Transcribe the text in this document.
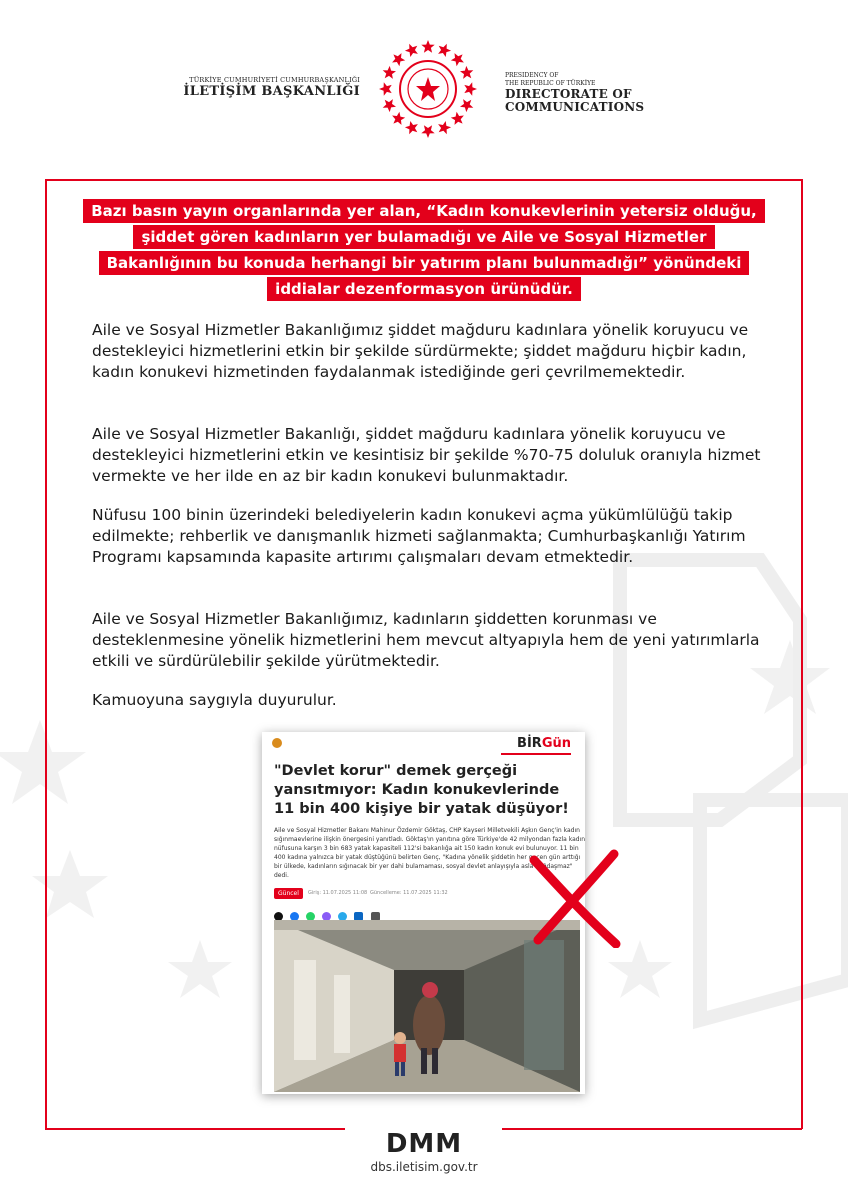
TÜRKİYE CUMHURİYETİ CUMHURBAŞKANLIĞI
İLETİŞİM BAŞKANLIĞI
PRESIDENCY OF
THE REPUBLIC OF TÜRKİYE
DIRECTORATE OF
COMMUNICATIONS
Bazı basın yayın organlarında yer alan, “Kadın konukevlerinin yetersiz olduğu,
şiddet gören kadınların yer bulamadığı ve Aile ve Sosyal Hizmetler
Bakanlığının bu konuda herhangi bir yatırım planı bulunmadığı” yönündeki
iddialar dezenformasyon ürünüdür.
Aile ve Sosyal Hizmetler Bakanlığımız şiddet mağduru kadınlara yönelik koruyucu ve destekleyici hizmetlerini etkin bir şekilde sürdürmekte; şiddet mağduru hiçbir kadın, kadın konukevi hizmetinden faydalanmak istediğinde geri çevrilmemektedir.
Aile ve Sosyal Hizmetler Bakanlığı, şiddet mağduru kadınlara yönelik koruyucu ve destekleyici hizmetlerini etkin ve kesintisiz bir şekilde %70-75 doluluk oranıyla hizmet vermekte ve her ilde en az bir kadın konukevi bulunmaktadır.
Nüfusu 100 binin üzerindeki belediyelerin kadın konukevi açma yükümlülüğü takip edilmekte; rehberlik ve danışmanlık hizmeti sağlanmakta; Cumhurbaşkanlığı Yatırım Programı kapsamında kapasite artırımı çalışmaları devam etmektedir.
Aile ve Sosyal Hizmetler Bakanlığımız, kadınların şiddetten korunması ve desteklenmesine yönelik hizmetlerini hem mevcut altyapıyla hem de yeni yatırımlarla etkili ve sürdürülebilir şekilde yürütmektedir.
Kamuoyuna saygıyla duyurulur.
BİRGün
"Devlet korur" demek gerçeği yansıtmıyor: Kadın konukevlerinde 11 bin 400 kişiye bir yatak düşüyor!
Aile ve Sosyal Hizmetler Bakanı Mahinur Özdemir Göktaş, CHP Kayseri Milletvekili Aşkın Genç'in kadın sığınmaevlerine ilişkin önergesini yanıtladı. Göktaş'ın yanıtına göre Türkiye'de 42 milyondan fazla kadın nüfusuna karşın 3 bin 683 yatak kapasiteli 112'si bakanlığa ait 150 kadın konuk evi bulunuyor. 11 bin 400 kadına yalnızca bir yatak düştüğünü belirten Genç, "Kadına yönelik şiddetin her geçen gün arttığı bir ülkede, kadınların sığınacak bir yer dahi bulamaması, sosyal devlet anlayışıyla asla bağdaşmaz" dedi.
Güncel	Giriş: 11.07.2025 11:08 Güncelleme: 11.07.2025 11:32

DMM
dbs.iletisim.gov.tr
